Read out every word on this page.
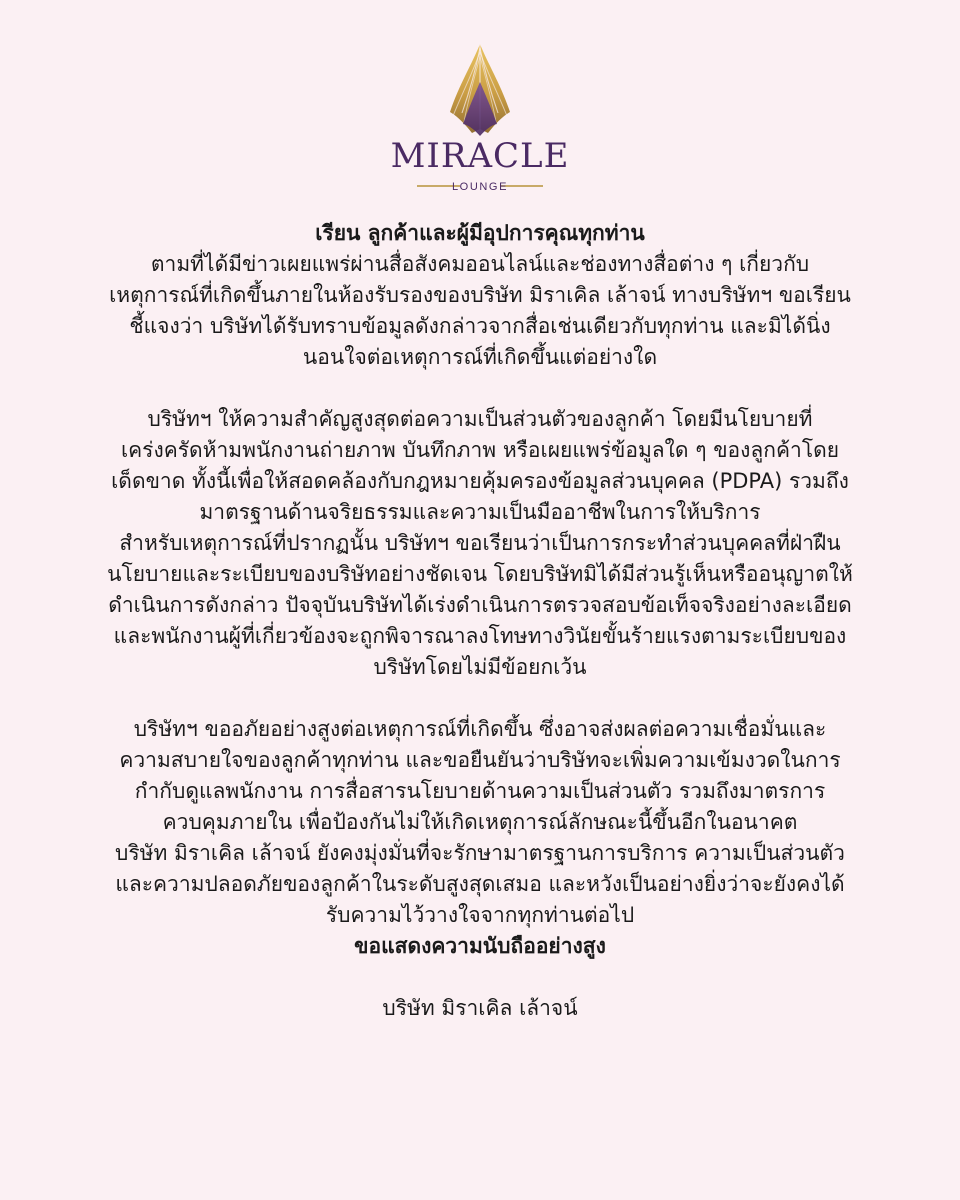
MIRACLE
LOUNGE

เรียน ลูกค้าและผู้มีอุปการคุณทุกท่าน

ตามที่ได้มีข่าวเผยแพร่ผ่านสื่อสังคมออนไลน์และช่องทางสื่อต่าง ๆ เกี่ยวกับ

เหตุการณ์ที่เกิดขึ้นภายในห้องรับรองของบริษัท มิราเคิล เล้าจน์ ทางบริษัทฯ ขอเรียน

ชี้แจงว่า บริษัทได้รับทราบข้อมูลดังกล่าวจากสื่อเช่นเดียวกับทุกท่าน และมิได้นิ่ง

นอนใจต่อเหตุการณ์ที่เกิดขึ้นแต่อย่างใด

บริษัทฯ ให้ความสำคัญสูงสุดต่อความเป็นส่วนตัวของลูกค้า โดยมีนโยบายที่

เคร่งครัดห้ามพนักงานถ่ายภาพ บันทึกภาพ หรือเผยแพร่ข้อมูลใด ๆ ของลูกค้าโดย

เด็ดขาด ทั้งนี้เพื่อให้สอดคล้องกับกฎหมายคุ้มครองข้อมูลส่วนบุคคล (PDPA) รวมถึง

มาตรฐานด้านจริยธรรมและความเป็นมืออาชีพในการให้บริการ

สำหรับเหตุการณ์ที่ปรากฏนั้น บริษัทฯ ขอเรียนว่าเป็นการกระทำส่วนบุคคลที่ฝ่าฝืน

นโยบายและระเบียบของบริษัทอย่างชัดเจน โดยบริษัทมิได้มีส่วนรู้เห็นหรืออนุญาตให้

ดำเนินการดังกล่าว ปัจจุบันบริษัทได้เร่งดำเนินการตรวจสอบข้อเท็จจริงอย่างละเอียด

และพนักงานผู้ที่เกี่ยวข้องจะถูกพิจารณาลงโทษทางวินัยขั้นร้ายแรงตามระเบียบของ

บริษัทโดยไม่มีข้อยกเว้น

บริษัทฯ ขออภัยอย่างสูงต่อเหตุการณ์ที่เกิดขึ้น ซึ่งอาจส่งผลต่อความเชื่อมั่นและ

ความสบายใจของลูกค้าทุกท่าน และขอยืนยันว่าบริษัทจะเพิ่มความเข้มงวดในการ

กำกับดูแลพนักงาน การสื่อสารนโยบายด้านความเป็นส่วนตัว รวมถึงมาตรการ

ควบคุมภายใน เพื่อป้องกันไม่ให้เกิดเหตุการณ์ลักษณะนี้ขึ้นอีกในอนาคต

บริษัท มิราเคิล เล้าจน์ ยังคงมุ่งมั่นที่จะรักษามาตรฐานการบริการ ความเป็นส่วนตัว

และความปลอดภัยของลูกค้าในระดับสูงสุดเสมอ และหวังเป็นอย่างยิ่งว่าจะยังคงได้

รับความไว้วางใจจากทุกท่านต่อไป

ขอแสดงความนับถืออย่างสูง

บริษัท มิราเคิล เล้าจน์
